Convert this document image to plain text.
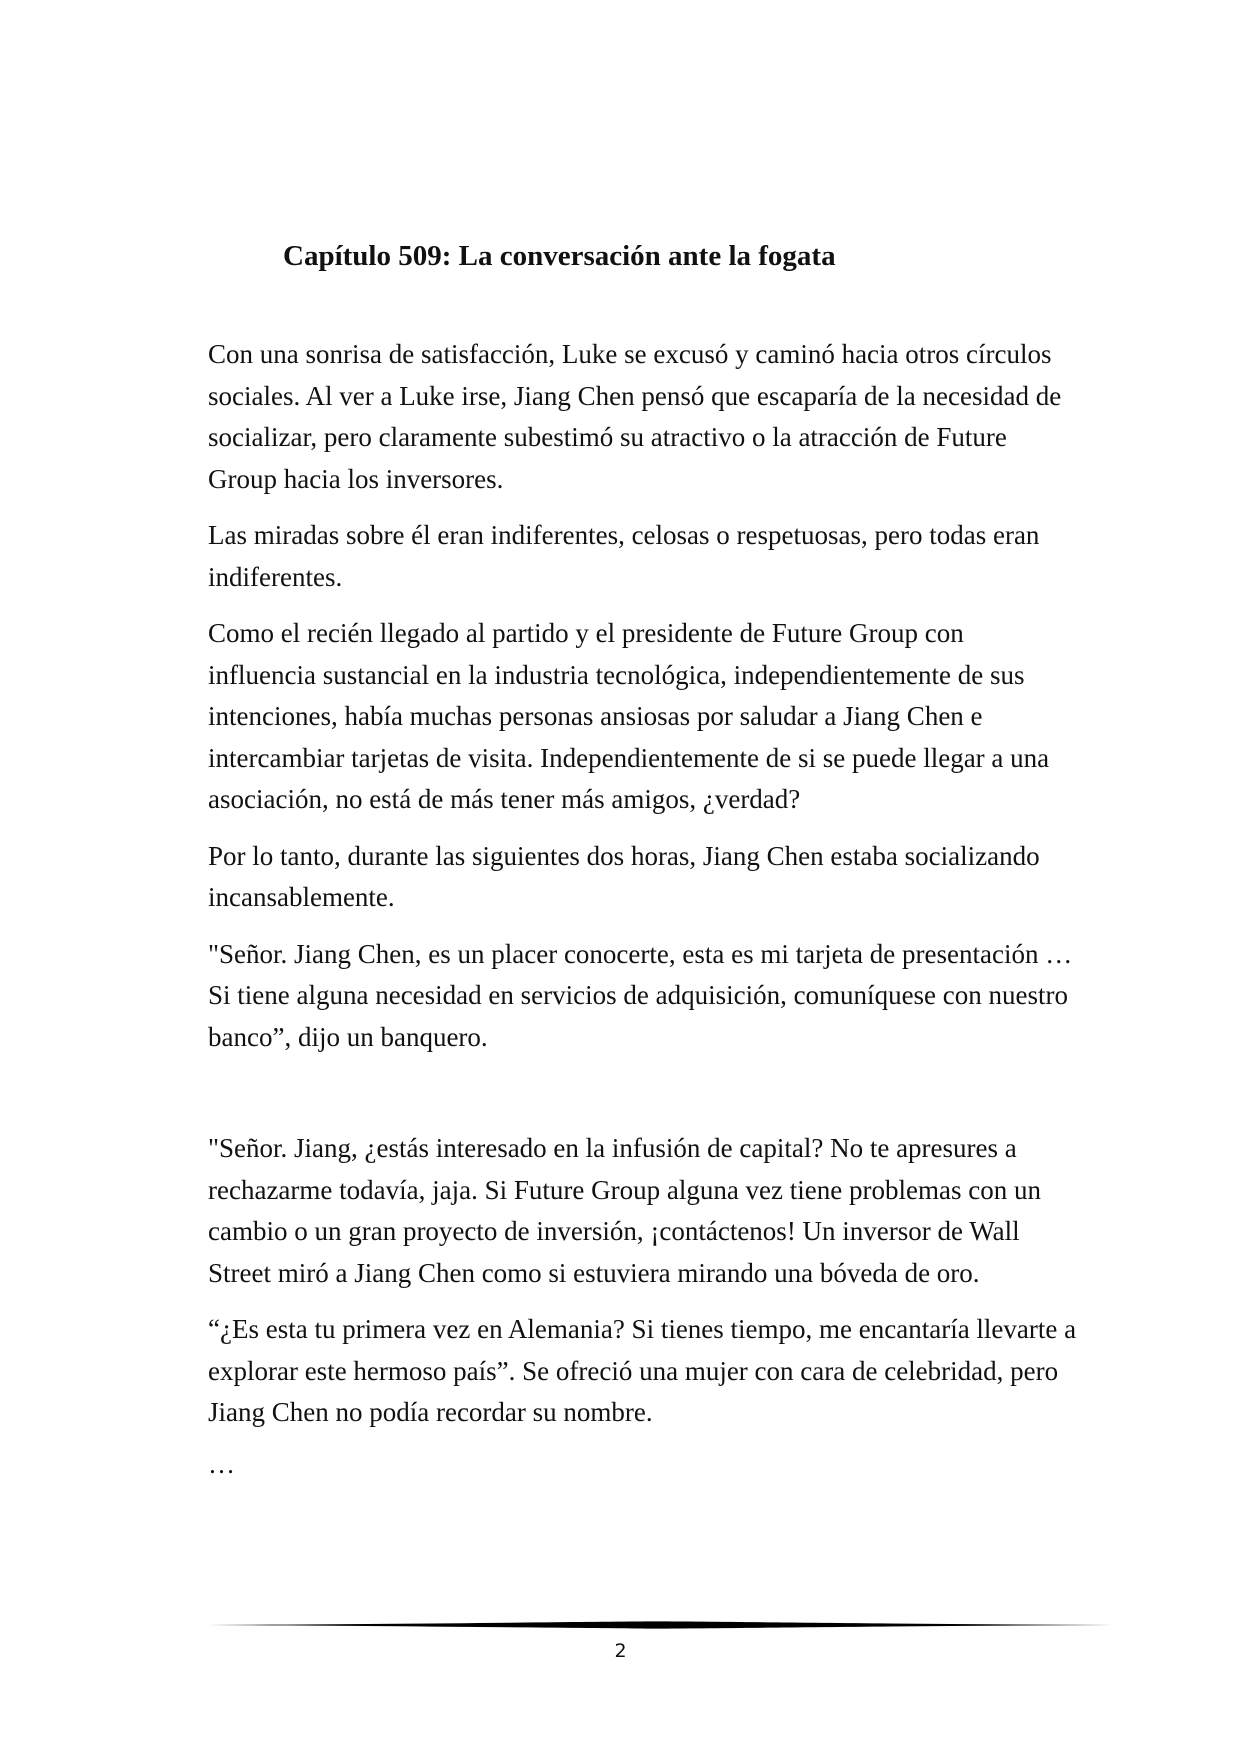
Capítulo 509: La conversación ante la fogata

Con una sonrisa de satisfacción, Luke se excusó y caminó hacia otros círculos sociales. Al ver a Luke irse, Jiang Chen pensó que escaparía de la necesidad de socializar, pero claramente subestimó su atractivo o la atracción de Future Group hacia los inversores.

Las miradas sobre él eran indiferentes, celosas o respetuosas, pero todas eran indiferentes.

Como el recién llegado al partido y el presidente de Future Group con influencia sustancial en la industria tecnológica, independientemente de sus intenciones, había muchas personas ansiosas por saludar a Jiang Chen e intercambiar tarjetas de visita. Independientemente de si se puede llegar a una asociación, no está de más tener más amigos, ¿verdad?

Por lo tanto, durante las siguientes dos horas, Jiang Chen estaba socializando incansablemente.

"Señor. Jiang Chen, es un placer conocerte, esta es mi tarjeta de presentación … Si tiene alguna necesidad en servicios de adquisición, comuníquese con nuestro banco”, dijo un banquero.

"Señor. Jiang, ¿estás interesado en la infusión de capital? No te apresures a rechazarme todavía, jaja. Si Future Group alguna vez tiene problemas con un cambio o un gran proyecto de inversión, ¡contáctenos! Un inversor de Wall Street miró a Jiang Chen como si estuviera mirando una bóveda de oro.

“¿Es esta tu primera vez en Alemania? Si tienes tiempo, me encantaría llevarte a explorar este hermoso país”. Se ofreció una mujer con cara de celebridad, pero Jiang Chen no podía recordar su nombre.

…

2
